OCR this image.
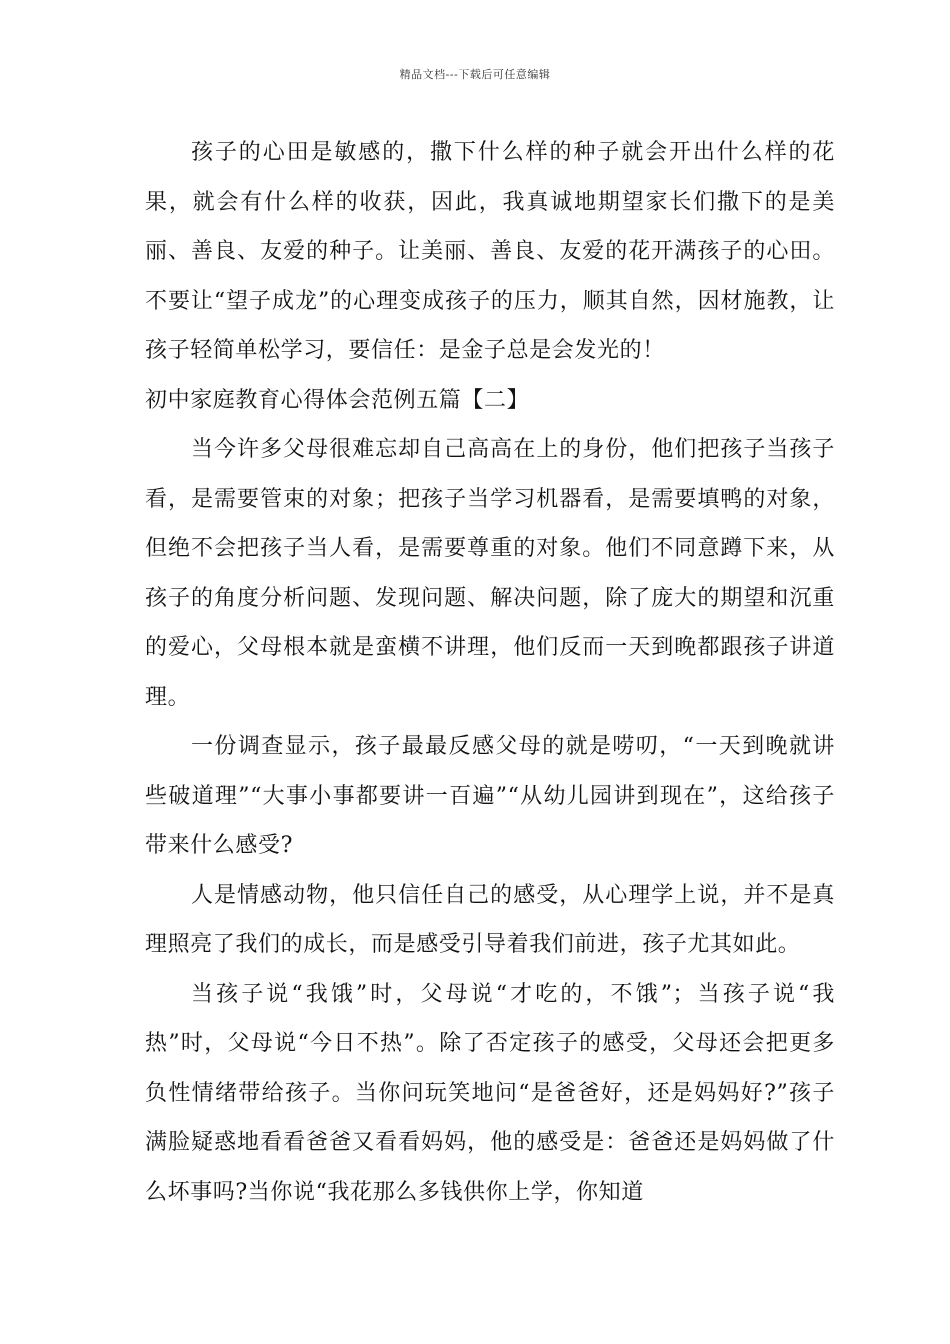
精品文档---下载后可任意编辑

孩子的心田是敏感的，撒下什么样的种子就会开出什么样的花果，就会有什么样的收获，因此，我真诚地期望家长们撒下的是美丽、善良、友爱的种子。让美丽、善良、友爱的花开满孩子的心田。不要让“望子成龙”的心理变成孩子的压力，顺其自然，因材施教，让孩子轻简单松学习，要信任：是金子总是会发光的！

初中家庭教育心得体会范例五篇【二】

当今许多父母很难忘却自己高高在上的身份，他们把孩子当孩子看，是需要管束的对象；把孩子当学习机器看，是需要填鸭的对象，但绝不会把孩子当人看，是需要尊重的对象。他们不同意蹲下来，从孩子的角度分析问题、发现问题、解决问题，除了庞大的期望和沉重的爱心，父母根本就是蛮横不讲理，他们反而一天到晚都跟孩子讲道理。

一份调查显示，孩子最最反感父母的就是唠叨，“一天到晚就讲些破道理”“大事小事都要讲一百遍”“从幼儿园讲到现在”，这给孩子带来什么感受?

人是情感动物，他只信任自己的感受，从心理学上说，并不是真理照亮了我们的成长，而是感受引导着我们前进，孩子尤其如此。

当孩子说“我饿”时，父母说“才吃的，不饿”；当孩子说“我热”时，父母说“今日不热”。除了否定孩子的感受，父母还会把更多负性情绪带给孩子。当你问玩笑地问“是爸爸好，还是妈妈好?”孩子满脸疑惑地看看爸爸又看看妈妈，他的感受是：爸爸还是妈妈做了什么坏事吗?当你说“我花那么多钱供你上学，你知道
